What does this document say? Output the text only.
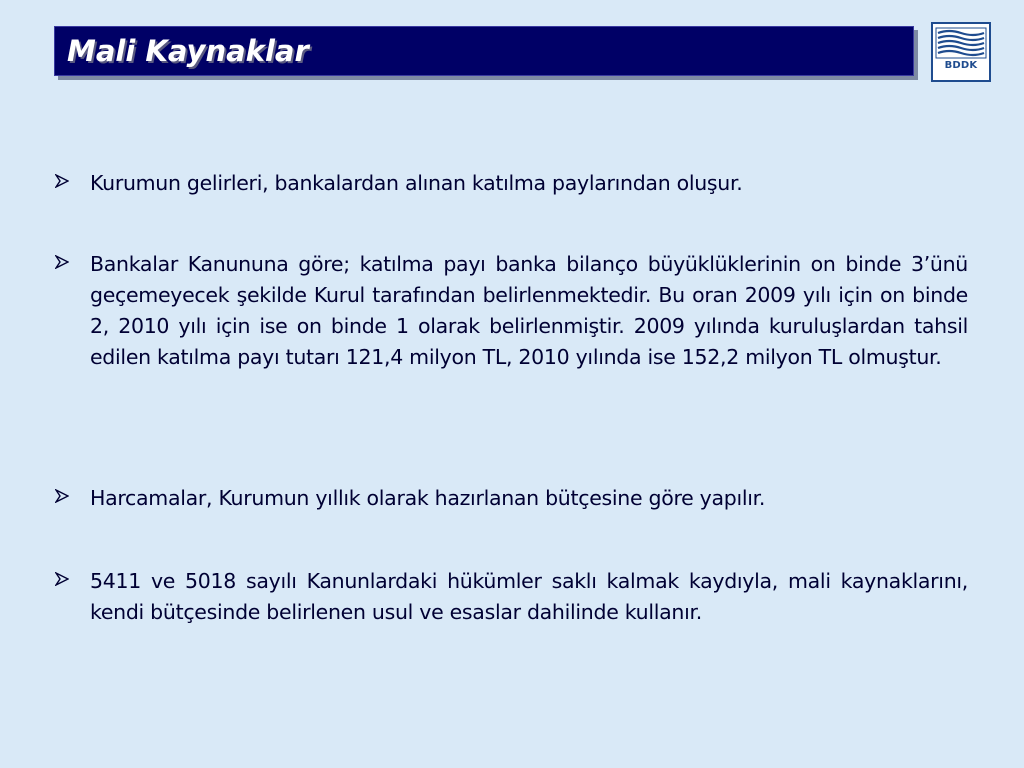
Mali Kaynaklar	BDDK
Kurumun gelirleri, bankalardan alınan katılma paylarından oluşur.
Bankalar Kanununa göre; katılma payı banka bilanço büyüklüklerinin on binde 3’ünü geçemeyecek şekilde Kurul tarafından belirlenmektedir. Bu oran 2009 yılı için on binde 2, 2010 yılı için ise on binde 1 olarak belirlenmiştir. 2009 yılında kuruluşlardan tahsil edilen katılma payı tutarı 121,4 milyon TL, 2010 yılında ise 152,2 milyon TL olmuştur.
Harcamalar, Kurumun yıllık olarak hazırlanan bütçesine göre yapılır.
5411 ve 5018 sayılı Kanunlardaki hükümler saklı kalmak kaydıyla, mali kaynaklarını, kendi bütçesinde belirlenen usul ve esaslar dahilinde kullanır.
